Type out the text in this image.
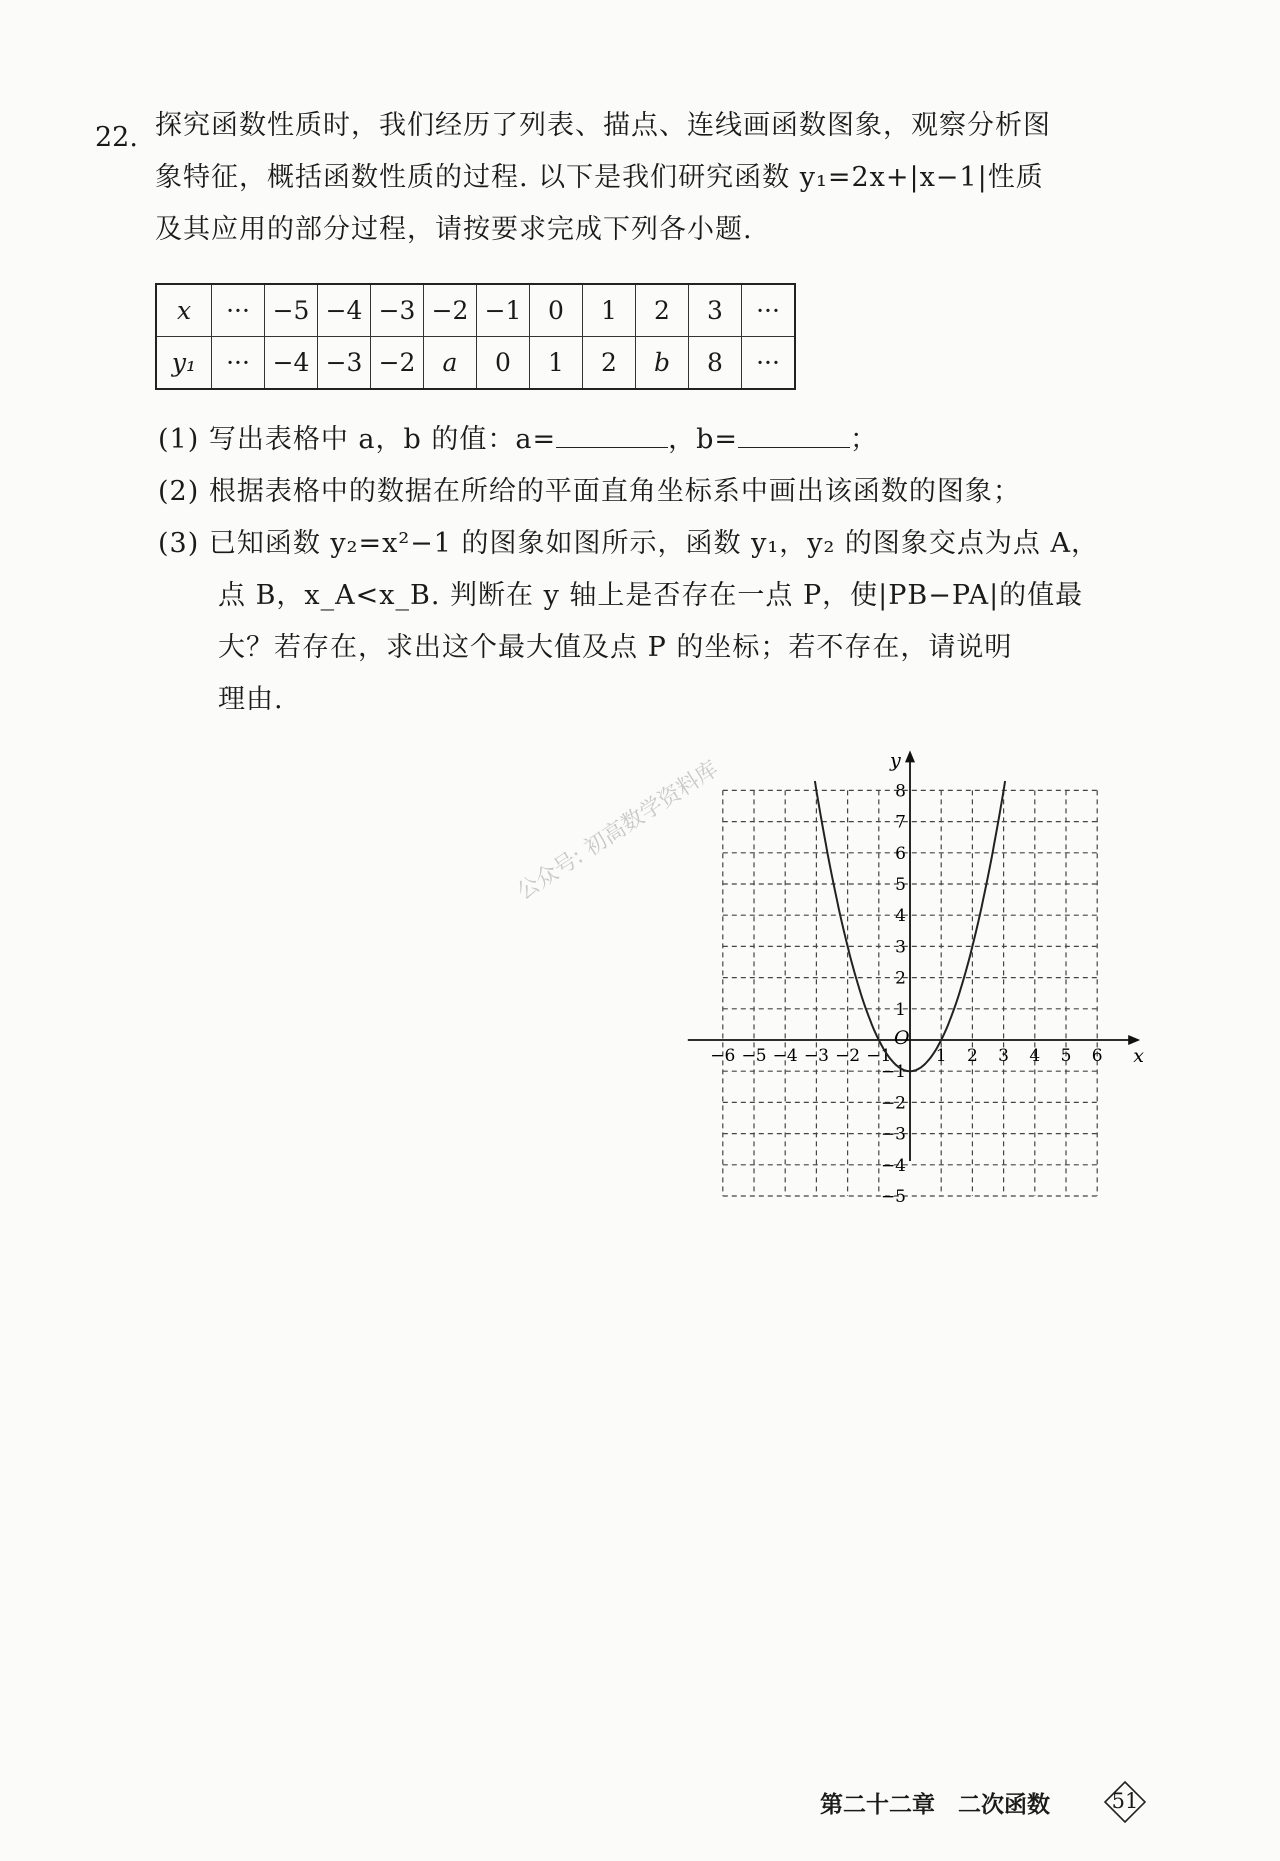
22. 探究函数性质时，我们经历了列表、描点、连线画函数图象，观察分析图
象特征，概括函数性质的过程. 以下是我们研究函数 y₁=2x+|x−1|性质
及其应用的部分过程，请按要求完成下列各小题.
x	···	−5	−4	−3	−2	−1	0	1	2	3	···
y₁	···	−4	−3	−2	a	0	1	2	b	8	···
(1) 写出表格中 a，b 的值：a=	，b=	；
(2) 根据表格中的数据在所给的平面直角坐标系中画出该函数的图象；
(3) 已知函数 y₂=x²−1 的图象如图所示，函数 y₁，y₂ 的图象交点为点 A，
点 B，x_A<x_B. 判断在 y 轴上是否存在一点 P，使|PB−PA|的值最
大？若存在，求出这个最大值及点 P 的坐标；若不存在，请说明
理由.
−6 −5 −4 −3 −2 −1	1 2 3 4 5 6
8
7
6
5
4
3
2
1
−1
−2
−3
−4
−5
x
y
O
公众号: 初高数学资料库
第二十二章　二次函数	51
